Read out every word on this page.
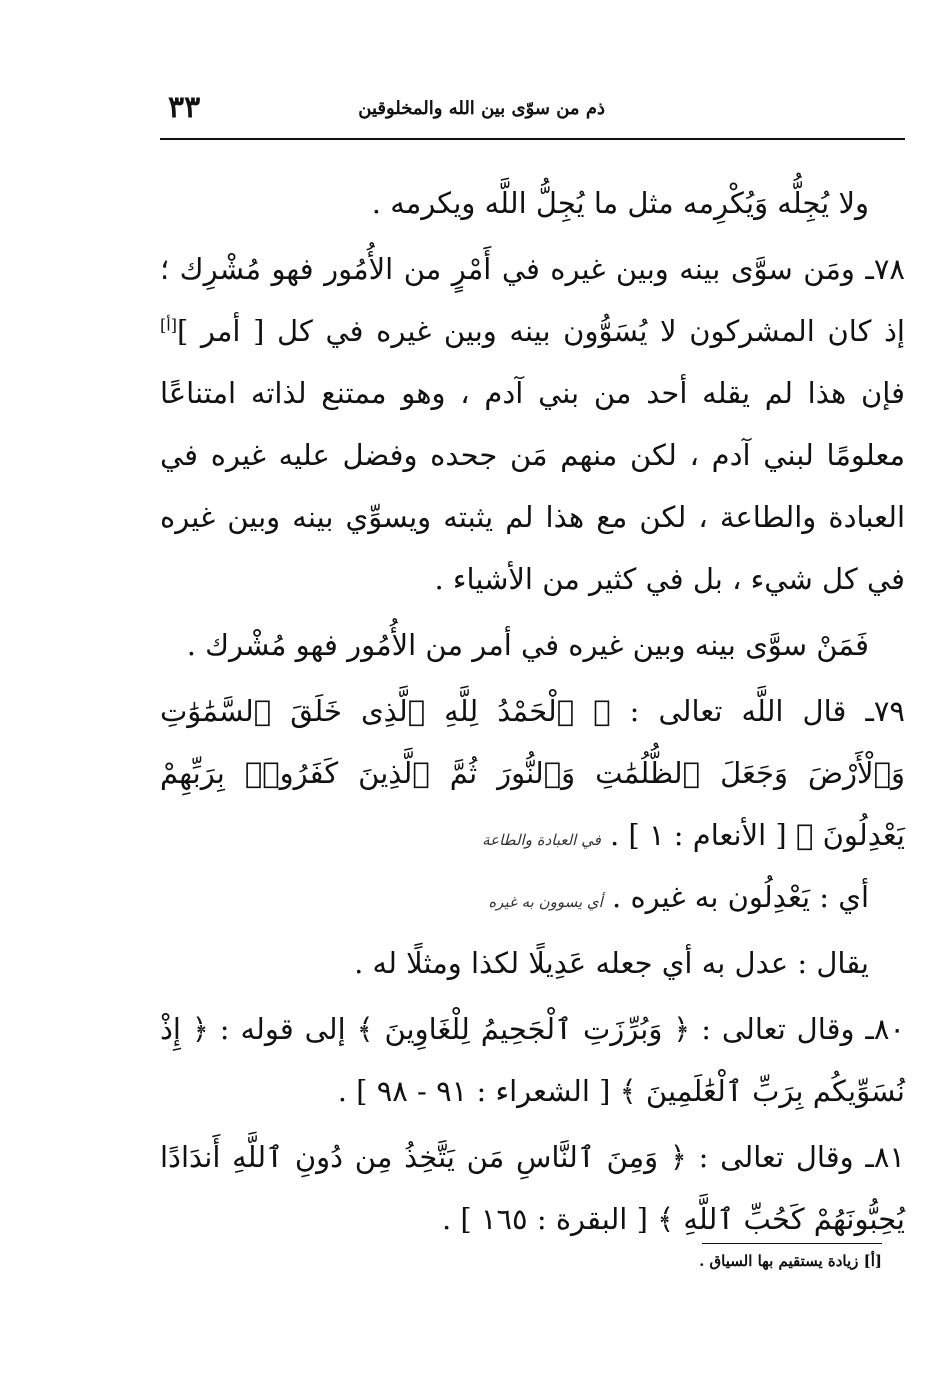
ذم من سوّى بين الله والمخلوقين
٣٣

ولا يُجِلُّه وَيُكْرِمه مثل ما يُجِلُّ اللَّه ويكرمه .

٧٨ـ ومَن سوَّى بينه وبين غيره في أَمْرٍ من الأُمُور فهو مُشْرِك ؛ إذ كان المشركون لا يُسَوُّون بينه وبين غيره في كل [ أمر ][أ] فإن هذا لم يقله أحد من بني آدم ، وهو ممتنع لذاته امتناعًا معلومًا لبني آدم ، لكن منهم مَن جحده وفضل عليه غيره في العبادة والطاعة ، لكن مع هذا لم يثبته ويسوِّي بينه وبين غيره في كل شيء ، بل في كثير من الأشياء .

فَمَنْ سوَّى بينه وبين غيره في أمر من الأُمُور فهو مُشْرك .

٧٩ـ قال اللَّه تعالى : ﴿ ٱلْحَمْدُ لِلَّهِ ٱلَّذِى خَلَقَ ٱلسَّمَٰوَٰتِ وَٱلْأَرْضَ وَجَعَلَ ٱلظُّلُمَٰتِ وَٱلنُّورَ ثُمَّ ٱلَّذِينَ كَفَرُوا۟ بِرَبِّهِمْ يَعْدِلُونَ ﴾ [ الأنعام : ١ ] . في العبادة والطاعة

أي : يَعْدِلُون به غيره . أي يسوون به غيره

يقال : عدل به أي جعله عَدِيلًا لكذا ومثلًا له .

٨٠ـ وقال تعالى : ﴿ وَبُرِّزَتِ ٱلْجَحِيمُ لِلْغَاوِينَ ﴾ إلى قوله : ﴿ إِذْ نُسَوِّيكُم بِرَبِّ ٱلْعَٰلَمِينَ ﴾ [ الشعراء : ٩١ - ٩٨ ] .

٨١ـ وقال تعالى : ﴿ وَمِنَ ٱلنَّاسِ مَن يَتَّخِذُ مِن دُونِ ٱللَّهِ أَندَادًا يُحِبُّونَهُمْ كَحُبِّ ٱللَّهِ ﴾ [ البقرة : ١٦٥ ] .

[أ] زيادة يستقيم بها السياق .
